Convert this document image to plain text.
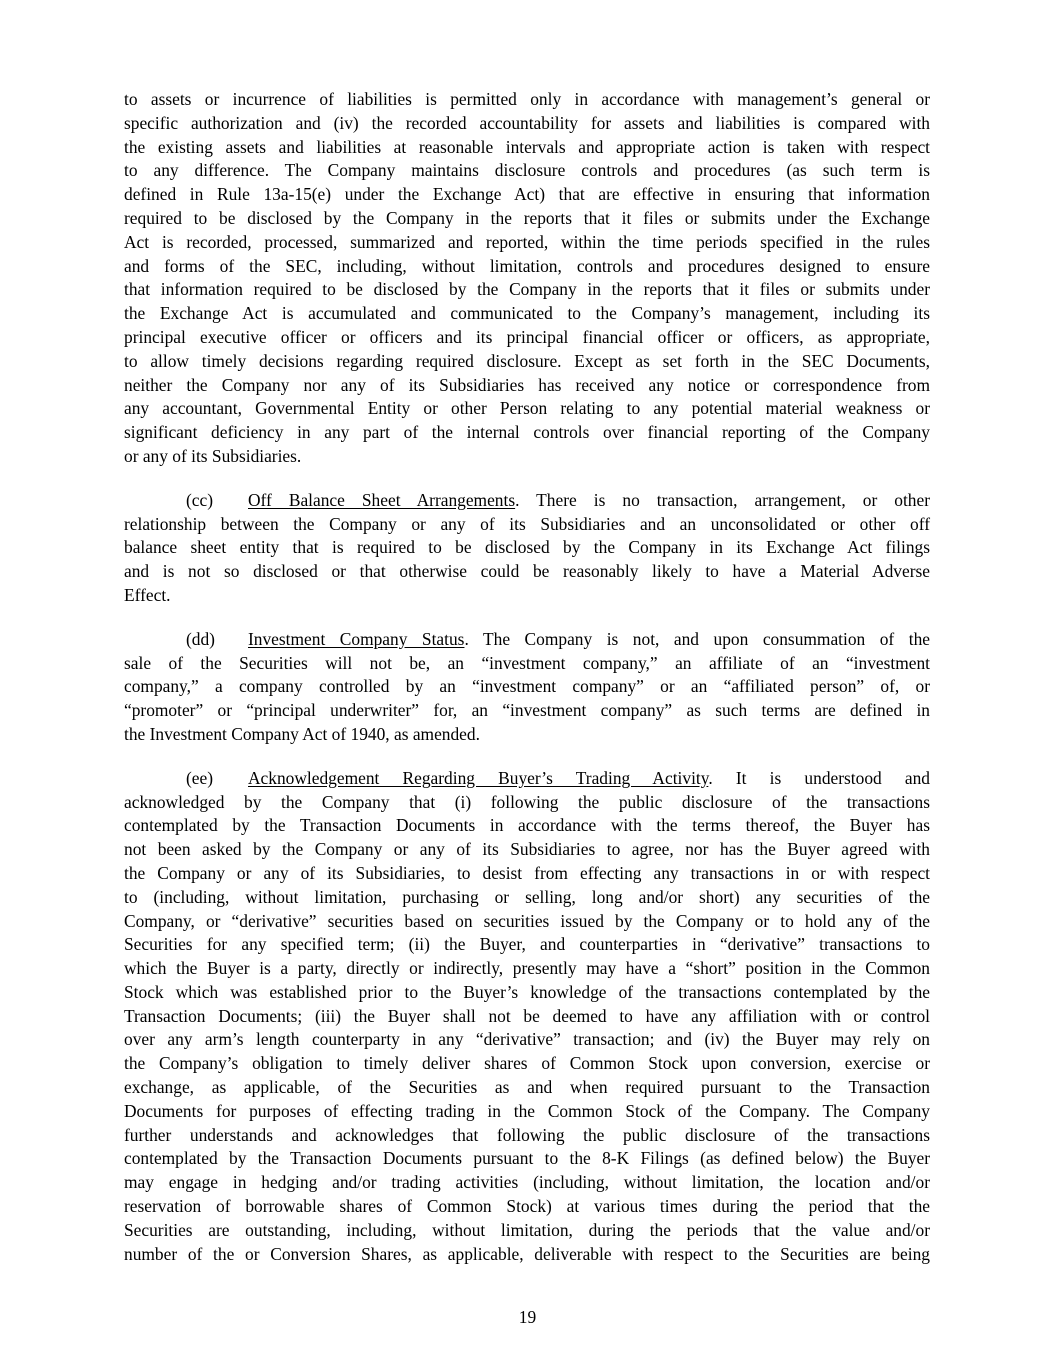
to assets or incurrence of liabilities is permitted only in accordance with management’s general or
specific authorization and (iv) the recorded accountability for assets and liabilities is compared with
the existing assets and liabilities at reasonable intervals and appropriate action is taken with respect
to any difference. The Company maintains disclosure controls and procedures (as such term is
defined in Rule 13a-15(e) under the Exchange Act) that are effective in ensuring that information
required to be disclosed by the Company in the reports that it files or submits under the Exchange
Act is recorded, processed, summarized and reported, within the time periods specified in the rules
and forms of the SEC, including, without limitation, controls and procedures designed to ensure
that information required to be disclosed by the Company in the reports that it files or submits under
the Exchange Act is accumulated and communicated to the Company’s management, including its
principal executive officer or officers and its principal financial officer or officers, as appropriate,
to allow timely decisions regarding required disclosure. Except as set forth in the SEC Documents,
neither the Company nor any of its Subsidiaries has received any notice or correspondence from
any accountant, Governmental Entity or other Person relating to any potential material weakness or
significant deficiency in any part of the internal controls over financial reporting of the Company
or any of its Subsidiaries.
(cc) Off Balance Sheet Arrangements. There is no transaction, arrangement, or other
relationship between the Company or any of its Subsidiaries and an unconsolidated or other off
balance sheet entity that is required to be disclosed by the Company in its Exchange Act filings
and is not so disclosed or that otherwise could be reasonably likely to have a Material Adverse
Effect.
(dd) Investment Company Status. The Company is not, and upon consummation of the
sale of the Securities will not be, an “investment company,” an affiliate of an “investment
company,” a company controlled by an “investment company” or an “affiliated person” of, or
“promoter” or “principal underwriter” for, an “investment company” as such terms are defined in
the Investment Company Act of 1940, as amended.
(ee) Acknowledgement Regarding Buyer’s Trading Activity. It is understood and
acknowledged by the Company that (i) following the public disclosure of the transactions
contemplated by the Transaction Documents in accordance with the terms thereof, the Buyer has
not been asked by the Company or any of its Subsidiaries to agree, nor has the Buyer agreed with
the Company or any of its Subsidiaries, to desist from effecting any transactions in or with respect
to (including, without limitation, purchasing or selling, long and/or short) any securities of the
Company, or “derivative” securities based on securities issued by the Company or to hold any of the
Securities for any specified term; (ii) the Buyer, and counterparties in “derivative” transactions to
which the Buyer is a party, directly or indirectly, presently may have a “short” position in the Common
Stock which was established prior to the Buyer’s knowledge of the transactions contemplated by the
Transaction Documents; (iii) the Buyer shall not be deemed to have any affiliation with or control
over any arm’s length counterparty in any “derivative” transaction; and (iv) the Buyer may rely on
the Company’s obligation to timely deliver shares of Common Stock upon conversion, exercise or
exchange, as applicable, of the Securities as and when required pursuant to the Transaction
Documents for purposes of effecting trading in the Common Stock of the Company. The Company
further understands and acknowledges that following the public disclosure of the transactions
contemplated by the Transaction Documents pursuant to the 8-K Filings (as defined below) the Buyer
may engage in hedging and/or trading activities (including, without limitation, the location and/or
reservation of borrowable shares of Common Stock) at various times during the period that the
Securities are outstanding, including, without limitation, during the periods that the value and/or
number of the or Conversion Shares, as applicable, deliverable with respect to the Securities are being
19
